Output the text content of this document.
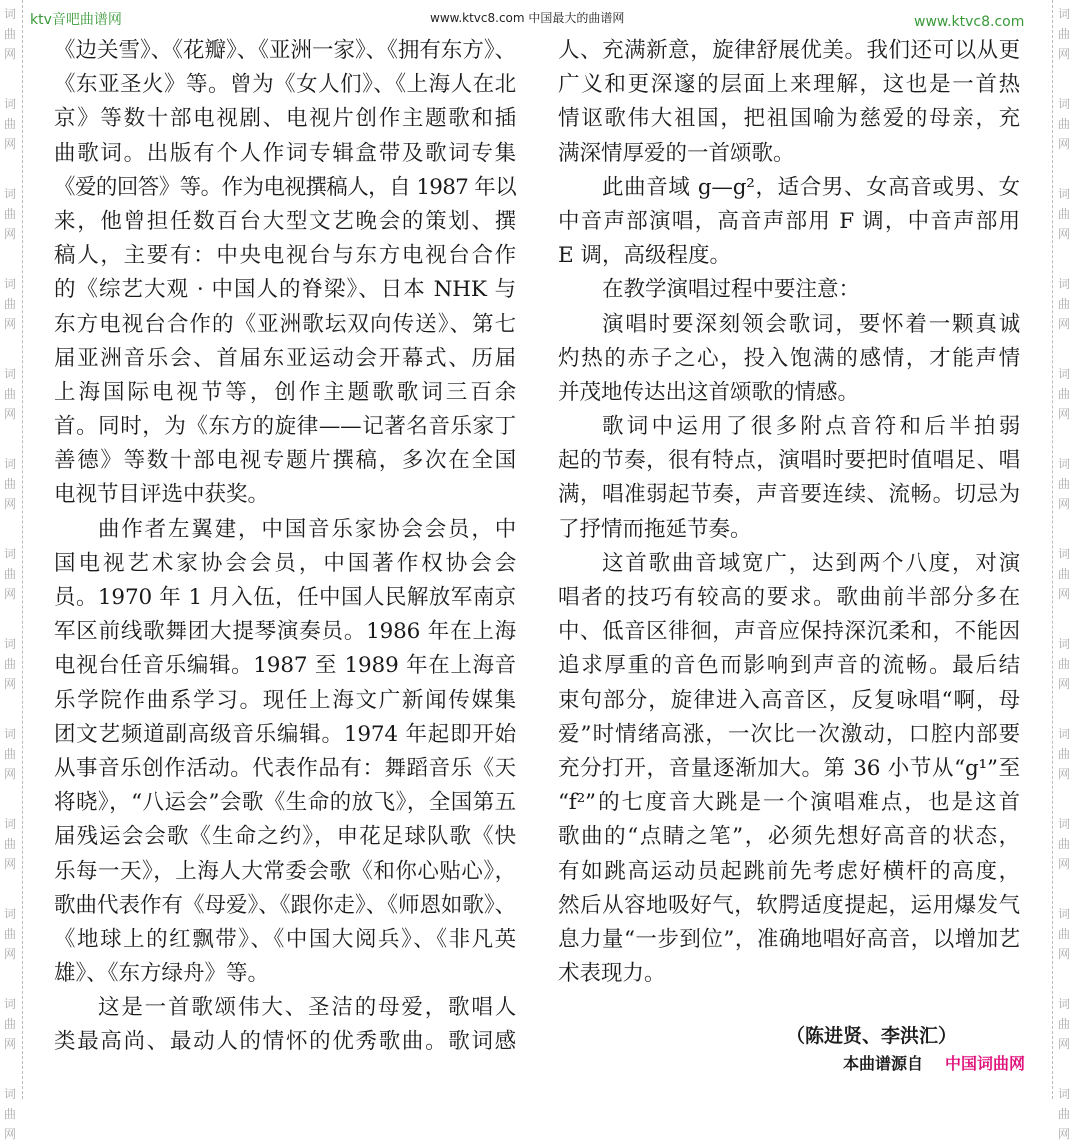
词
曲
网
词
曲
网
词
曲
网
词
曲
网
词
曲
网
词
曲
网
词
曲
网
词
曲
网
词
曲
网
词
曲
网
词
曲
网
词
曲
网
词
曲
网
词
曲
网
词
曲
网
词
曲
网
词
曲
网
词
曲
网
词
曲
网
词
曲
网
词
曲
网
词
曲
网
词
曲
网
词
曲
网
词
曲
网
词
曲
网
ktv音吧曲谱网	www.ktvc8.com 中国最大的曲谱网	www.ktvc8.com
《边关雪》、《花瓣》、《亚洲一家》、《拥有东方》、
《东亚圣火》等。曾为《女人们》、《上海人在北
京》等数十部电视剧、电视片创作主题歌和插
曲歌词。出版有个人作词专辑盒带及歌词专集
《爱的回答》等。作为电视撰稿人，自 1987 年以
来，他曾担任数百台大型文艺晚会的策划、撰
稿人，主要有：中央电视台与东方电视台合作
的《综艺大观 · 中国人的脊梁》、日本 NHK 与
东方电视台合作的《亚洲歌坛双向传送》、第七
届亚洲音乐会、首届东亚运动会开幕式、历届
上海国际电视节等，创作主题歌歌词三百余
首。同时，为《东方的旋律——记著名音乐家丁
善德》等数十部电视专题片撰稿，多次在全国
电视节目评选中获奖。
曲作者左翼建，中国音乐家协会会员，中
国电视艺术家协会会员，中国著作权协会会
员。1970 年 1 月入伍，任中国人民解放军南京
军区前线歌舞团大提琴演奏员。1986 年在上海
电视台任音乐编辑。1987 至 1989 年在上海音
乐学院作曲系学习。现任上海文广新闻传媒集
团文艺频道副高级音乐编辑。1974 年起即开始
从事音乐创作活动。代表作品有：舞蹈音乐《天
将晓》，“八运会”会歌《生命的放飞》，全国第五
届残运会会歌《生命之约》，申花足球队歌《快
乐每一天》，上海人大常委会歌《和你心贴心》，
歌曲代表作有《母爱》、《跟你走》、《师恩如歌》、
《地球上的红飘带》、《中国大阅兵》、《非凡英
雄》、《东方绿舟》等。
这是一首歌颂伟大、圣洁的母爱，歌唱人
类最高尚、最动人的情怀的优秀歌曲。歌词感
人、充满新意，旋律舒展优美。我们还可以从更
广义和更深邃的层面上来理解，这也是一首热
情讴歌伟大祖国，把祖国喻为慈爱的母亲，充
满深情厚爱的一首颂歌。
此曲音域 g—g²，适合男、女高音或男、女
中音声部演唱，高音声部用 F 调，中音声部用
E 调，高级程度。
在教学演唱过程中要注意：
演唱时要深刻领会歌词，要怀着一颗真诚
灼热的赤子之心，投入饱满的感情，才能声情
并茂地传达出这首颂歌的情感。
歌词中运用了很多附点音符和后半拍弱
起的节奏，很有特点，演唱时要把时值唱足、唱
满，唱准弱起节奏，声音要连续、流畅。切忌为
了抒情而拖延节奏。
这首歌曲音域宽广，达到两个八度，对演
唱者的技巧有较高的要求。歌曲前半部分多在
中、低音区徘徊，声音应保持深沉柔和，不能因
追求厚重的音色而影响到声音的流畅。最后结
束句部分，旋律进入高音区，反复咏唱“啊，母
爱”时情绪高涨，一次比一次激动，口腔内部要
充分打开，音量逐渐加大。第 36 小节从“g¹”至
“f²”的七度音大跳是一个演唱难点，也是这首
歌曲的“点睛之笔”，必须先想好高音的状态，
有如跳高运动员起跳前先考虑好横杆的高度，
然后从容地吸好气，软腭适度提起，运用爆发气
息力量“一步到位”，准确地唱好高音，以增加艺
术表现力。
（陈进贤、李洪汇）
本曲谱源自 中国词曲网
